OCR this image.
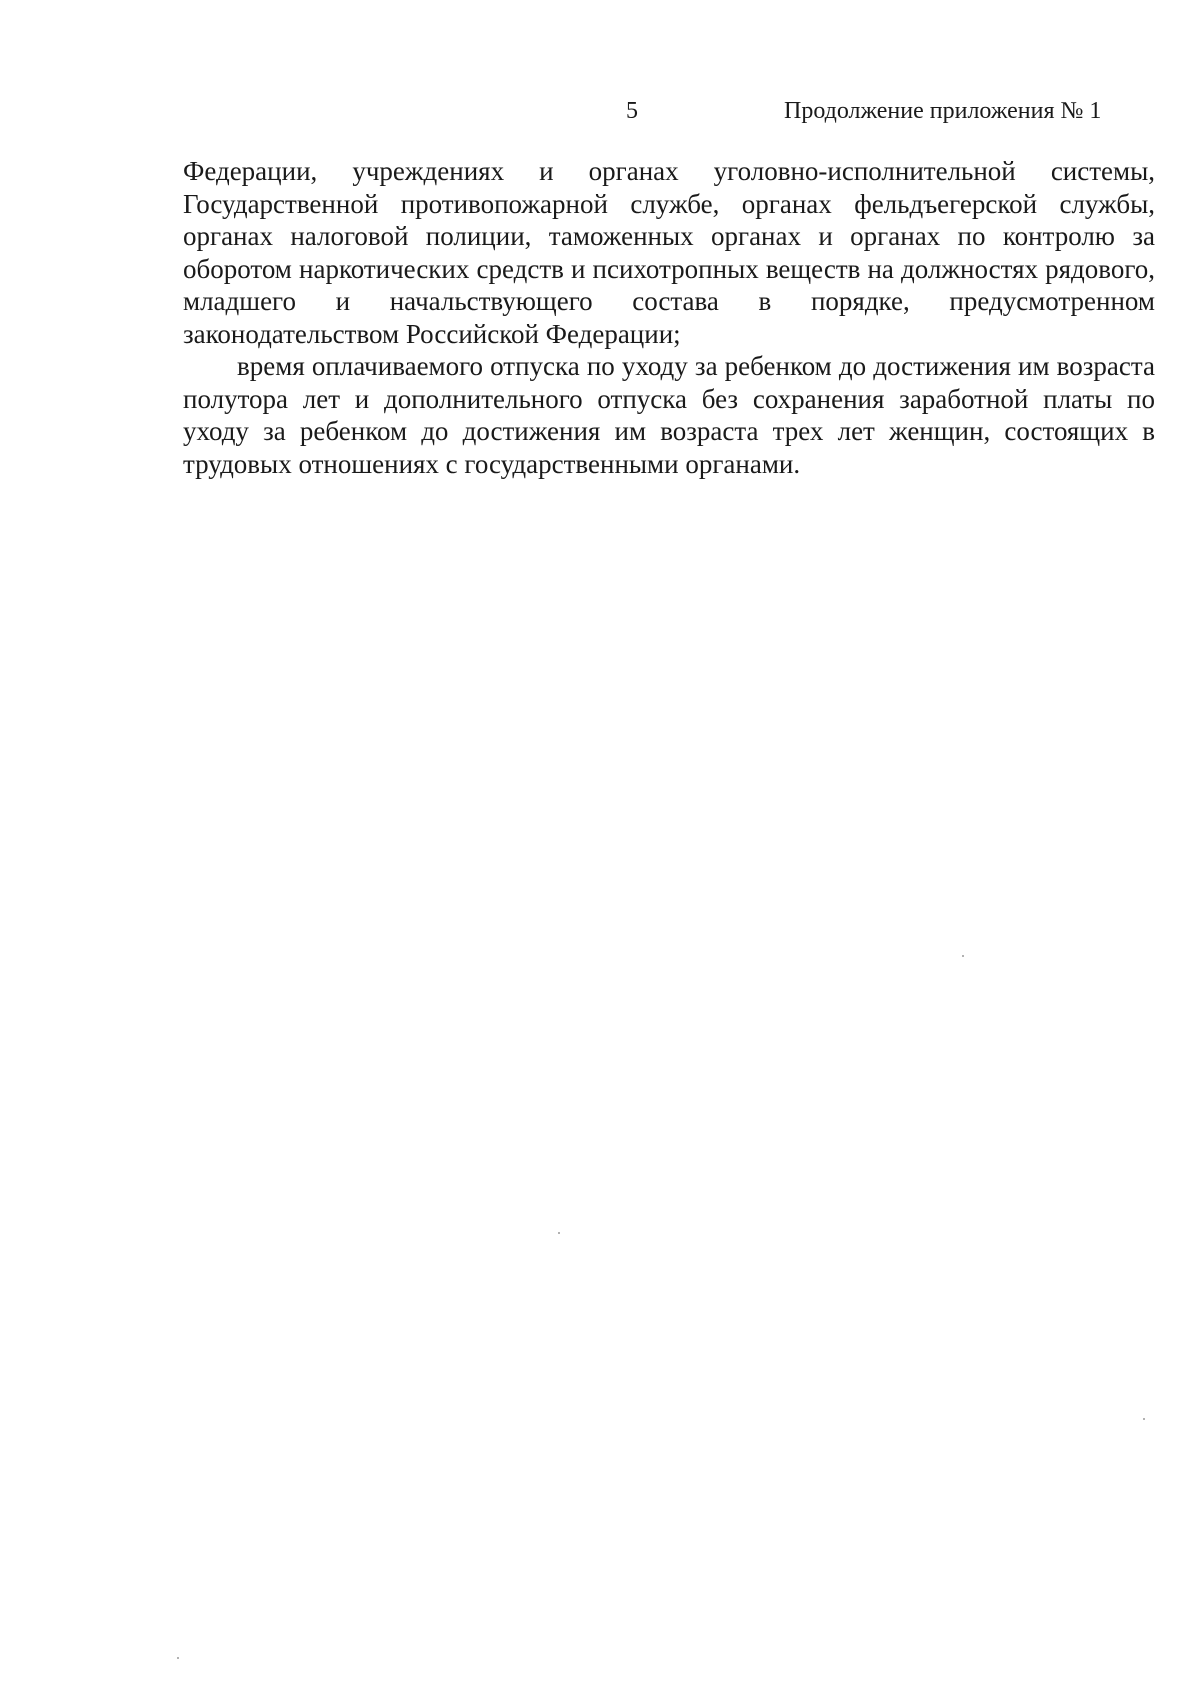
5	Продолжение приложения № 1

Федерации, учреждениях и органах уголовно-исполнительной системы, Государственной противопожарной службе, органах фельдъегерской службы, органах налоговой полиции, таможенных органах и органах по контролю за оборотом наркотических средств и психотропных веществ на должностях рядового, младшего и начальствующего состава в порядке, предусмотренном законодательством Российской Федерации;

время оплачиваемого отпуска по уходу за ребенком до достижения им возраста полутора лет и дополнительного отпуска без сохранения заработной платы по уходу за ребенком до достижения им возраста трех лет женщин, состоящих в трудовых отношениях с государственными органами.
